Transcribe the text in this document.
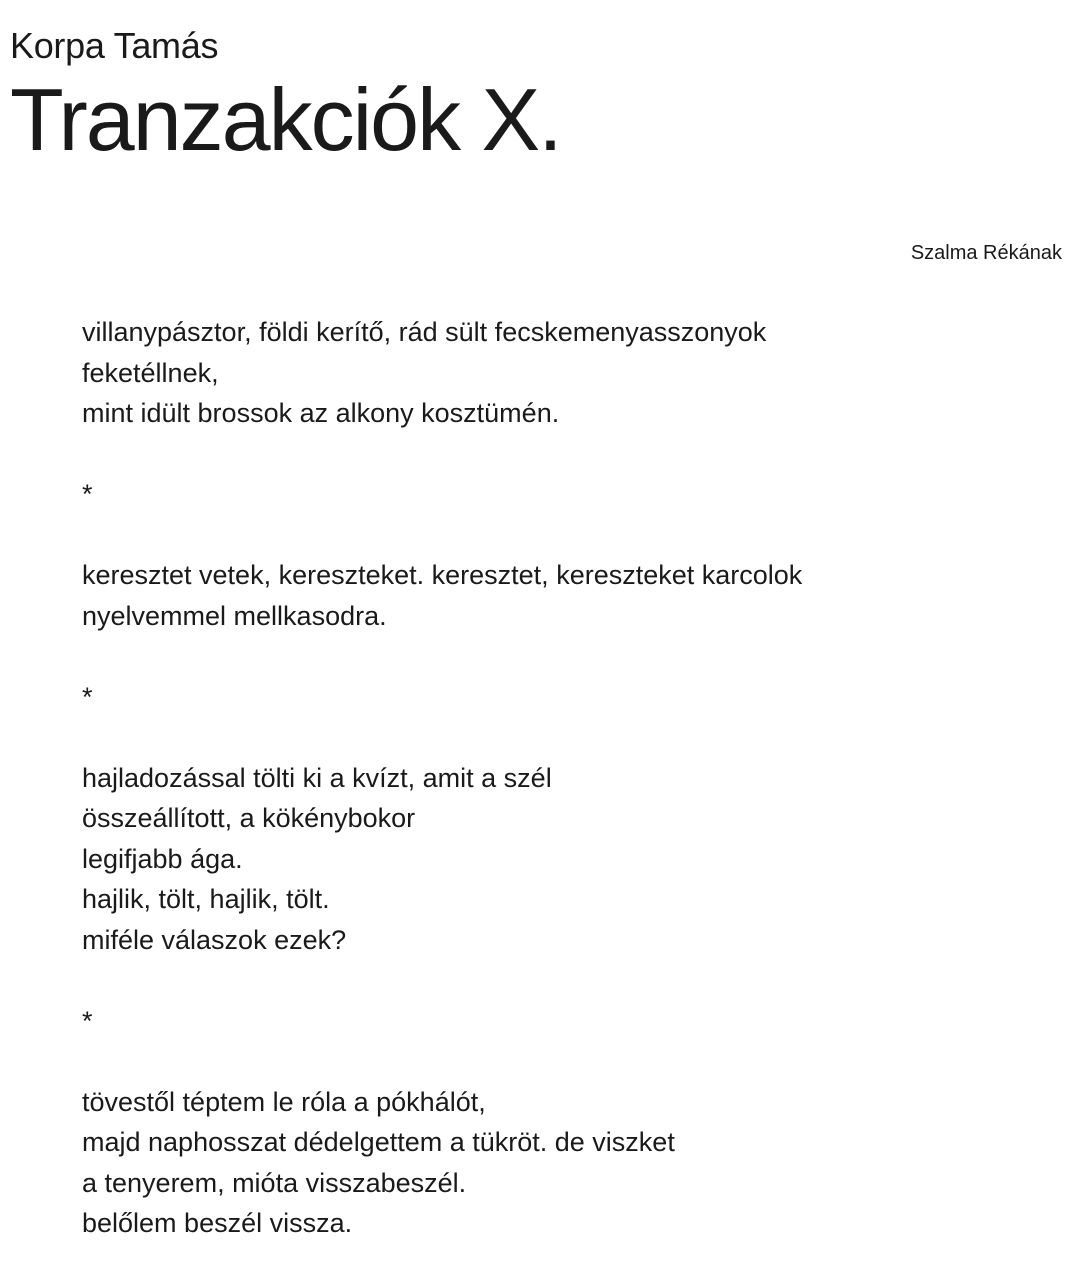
Korpa Tamás
Tranzakciók X.
Szalma Rékának
villanypásztor, földi kerítő, rád sült fecskemenyasszonyok
feketéllnek,
mint idült brossok az alkony kosztümén.
*
keresztet vetek, kereszteket. keresztet, kereszteket karcolok
nyelvemmel mellkasodra.
*
hajladozással tölti ki a kvízt, amit a szél
összeállított, a kökénybokor
legifjabb ága.
hajlik, tölt, hajlik, tölt.
miféle válaszok ezek?
*
tövestől téptem le róla a pókhálót,
majd naphosszat dédelgettem a tükröt. de viszket
a tenyerem, mióta visszabeszél.
belőlem beszél vissza.
